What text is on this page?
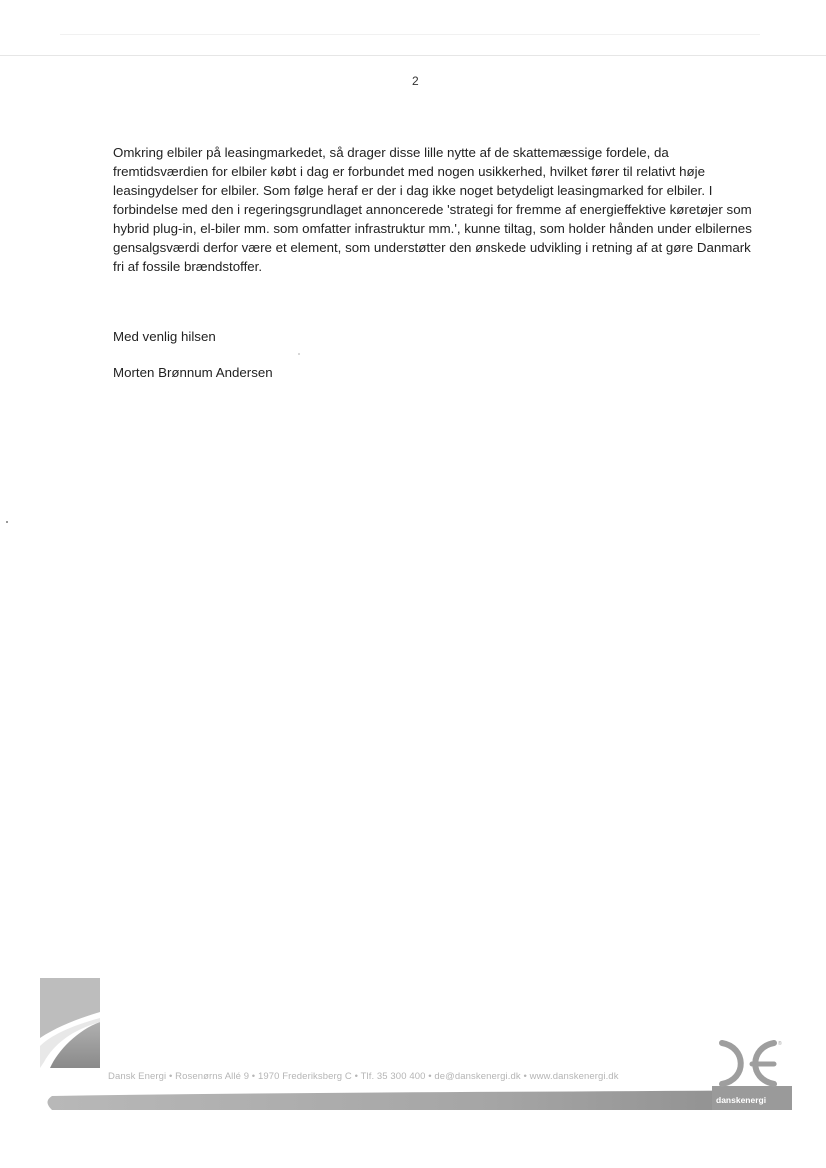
2

Omkring elbiler på leasingmarkedet, så drager disse lille nytte af de skattemæssige fordele, da fremtidsværdien for elbiler købt i dag er forbundet med nogen usikkerhed, hvilket fører til relativt høje leasingydelser for elbiler. Som følge heraf er der i dag ikke noget betydeligt leasingmarked for elbiler. I forbindelse med den i regeringsgrundlaget annoncerede 'strategi for fremme af energieffektive køretøjer som hybrid plug-in, el-biler mm. som omfatter infrastruktur mm.', kunne tiltag, som holder hånden under elbilernes gensalgsværdi derfor være et element, som understøtter den ønskede udvikling i retning af at gøre Danmark fri af fossile brændstoffer.

Med venlig hilsen

Morten Brønnum Andersen

®
Dansk Energi • Rosenørns Allé 9 • 1970 Frederiksberg C • Tlf. 35 300 400 • de@danskenergi.dk • www.danskenergi.dk
danskenergi
